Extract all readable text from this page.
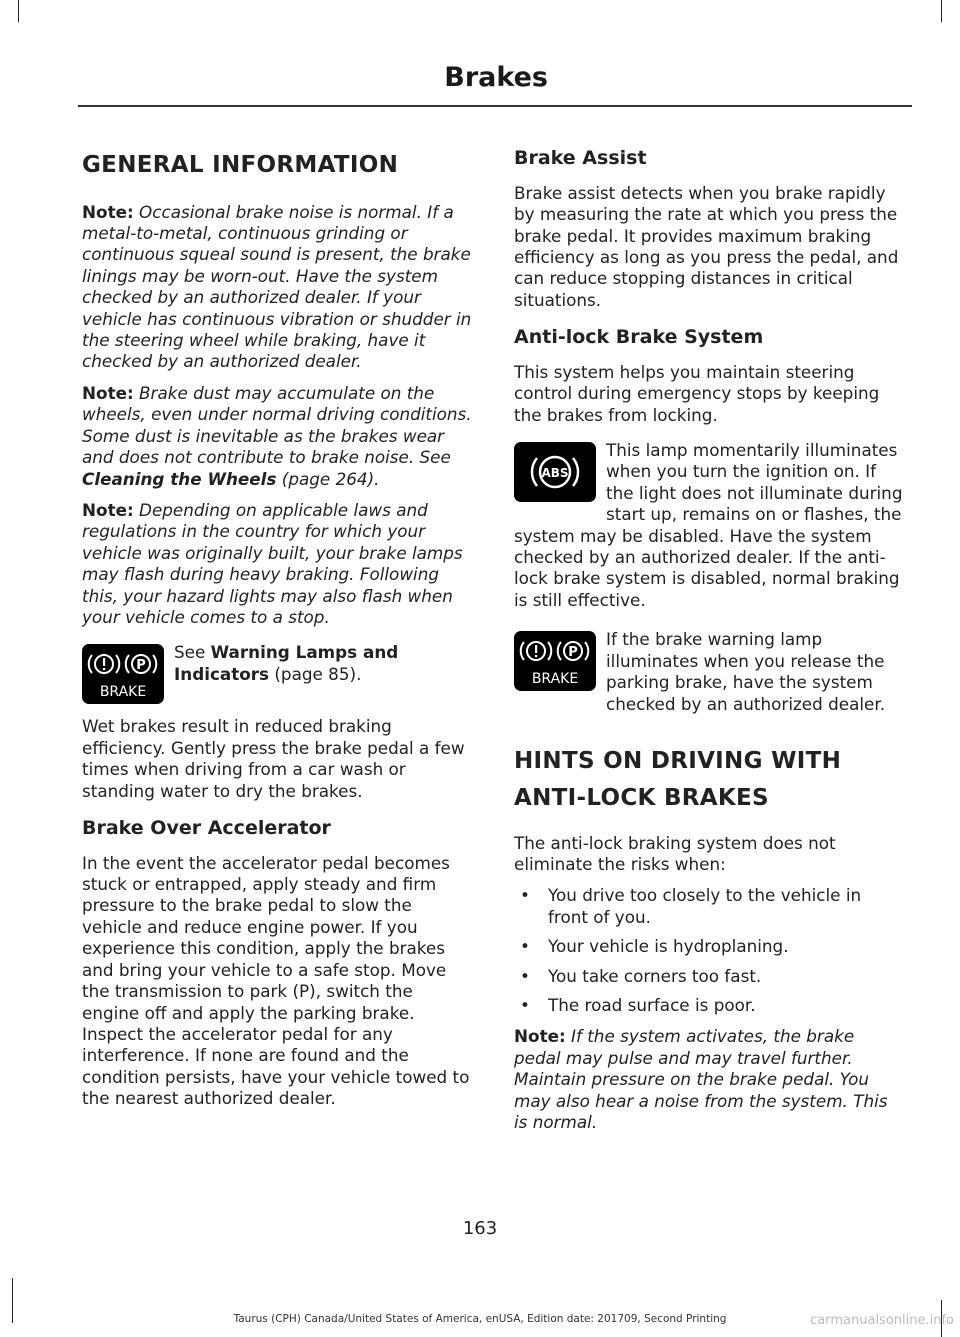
Brakes
GENERAL INFORMATION

Note: Occasional brake noise is normal. If a metal-to-metal, continuous grinding or continuous squeal sound is present, the brake linings may be worn-out. Have the system checked by an authorized dealer. If your vehicle has continuous vibration or shudder in the steering wheel while braking, have it checked by an authorized dealer.

Note: Brake dust may accumulate on the wheels, even under normal driving conditions. Some dust is inevitable as the brakes wear and does not contribute to brake noise. See Cleaning the Wheels (page 264).

Note: Depending on applicable laws and regulations in the country for which your vehicle was originally built, your brake lamps may flash during heavy braking. Following this, your hazard lights may also flash when your vehicle comes to a stop.

P
BRAKE

See Warning Lamps and Indicators (page 85).

Wet brakes result in reduced braking efficiency. Gently press the brake pedal a few times when driving from a car wash or standing water to dry the brakes.

Brake Over Accelerator

In the event the accelerator pedal becomes stuck or entrapped, apply steady and firm pressure to the brake pedal to slow the vehicle and reduce engine power. If you experience this condition, apply the brakes and bring your vehicle to a safe stop. Move the transmission to park (P), switch the engine off and apply the parking brake. Inspect the accelerator pedal for any interference. If none are found and the condition persists, have your vehicle towed to the nearest authorized dealer.

Brake Assist

Brake assist detects when you brake rapidly by measuring the rate at which you press the brake pedal. It provides maximum braking efficiency as long as you press the pedal, and can reduce stopping distances in critical situations.

Anti-lock Brake System

This system helps you maintain steering control during emergency stops by keeping the brakes from locking.

ABS

This lamp momentarily illuminates when you turn the ignition on. If the light does not illuminate during start up, remains on or flashes, the system may be disabled. Have the system checked by an authorized dealer. If the anti-lock brake system is disabled, normal braking is still effective.

P
BRAKE

If the brake warning lamp illuminates when you release the parking brake, have the system checked by an authorized dealer.

HINTS ON DRIVING WITH
ANTI-LOCK BRAKES

The anti-lock braking system does not eliminate the risks when:

• You drive too closely to the vehicle in front of you.
• Your vehicle is hydroplaning.
• You take corners too fast.
• The road surface is poor.

Note: If the system activates, the brake pedal may pulse and may travel further. Maintain pressure on the brake pedal. You may also hear a noise from the system. This is normal.

163
Taurus (CPH) Canada/United States of America, enUSA, Edition date: 201709, Second Printing	carmanualsonline.info
